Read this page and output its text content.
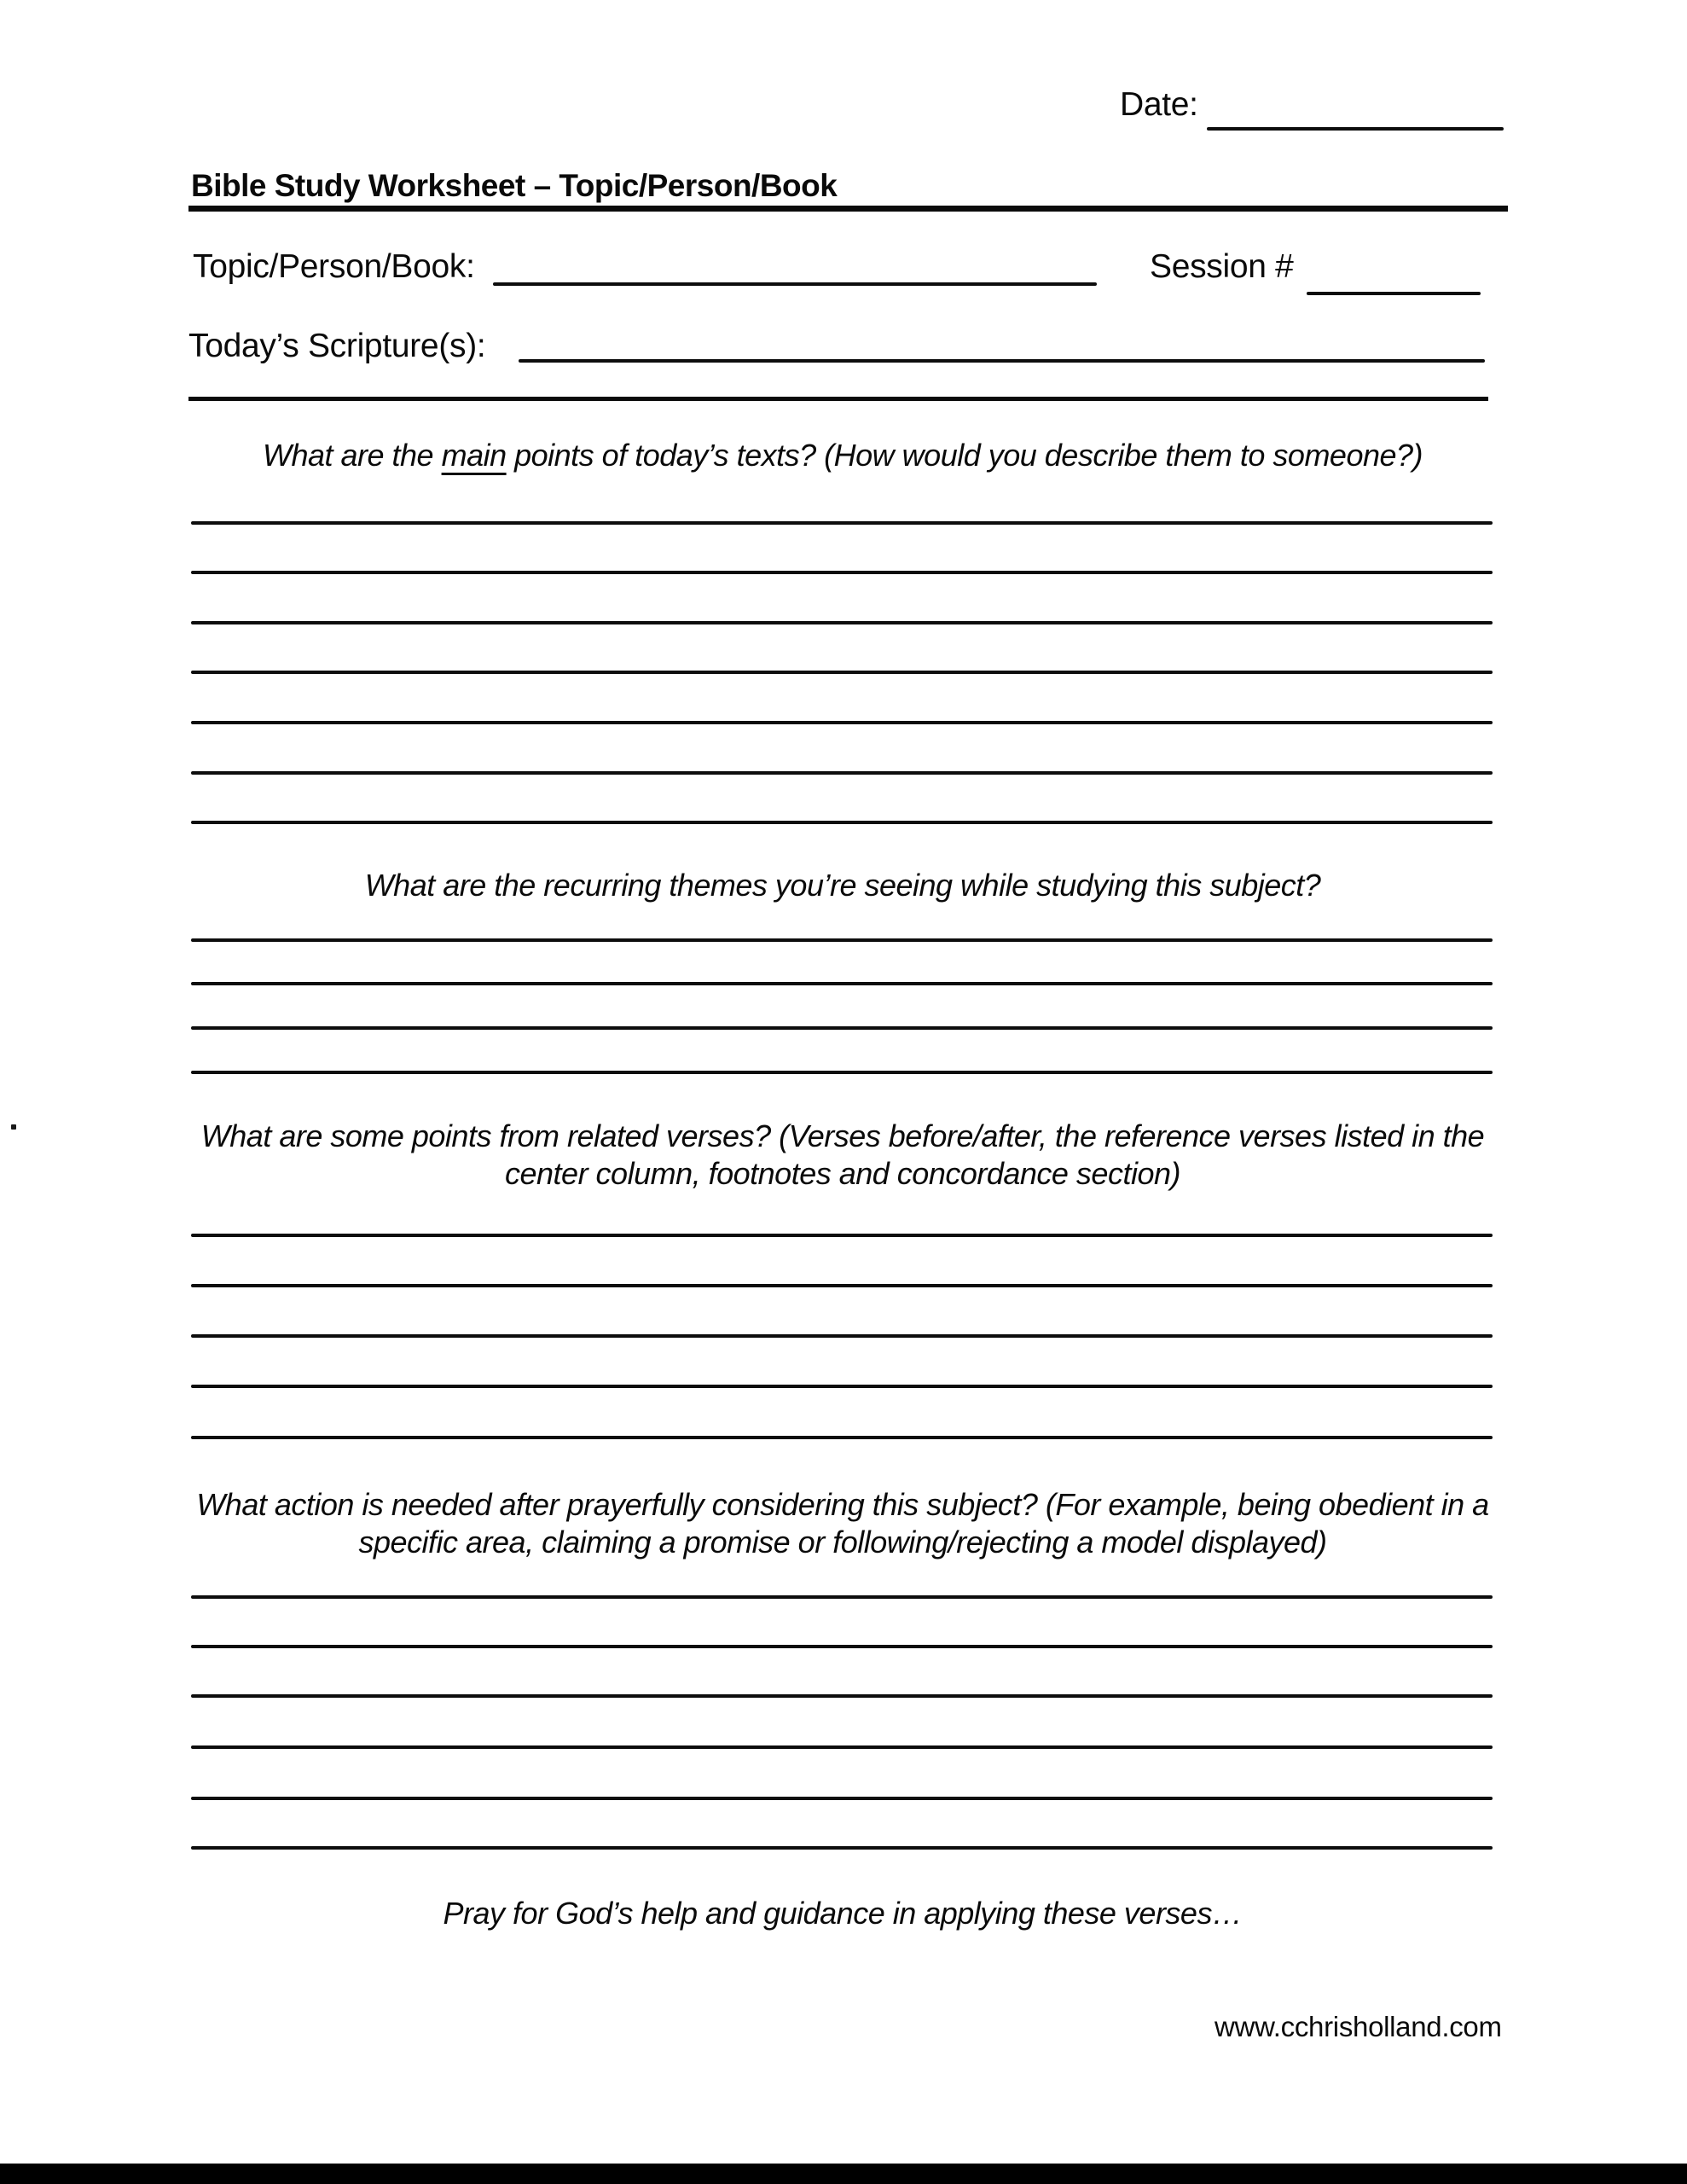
Date:
Bible Study Worksheet – Topic/Person/Book
Topic/Person/Book:	Session #
Today’s Scripture(s):
What are the main points of today’s texts? (How would you describe them to someone?)
What are the recurring themes you’re seeing while studying this subject?
What are some points from related verses? (Verses before/after, the reference verses listed in the center column, footnotes and concordance section)
What action is needed after prayerfully considering this subject? (For example, being obedient in a specific area, claiming a promise or following/rejecting a model displayed)
Pray for God’s help and guidance in applying these verses…
www.cchrisholland.com
